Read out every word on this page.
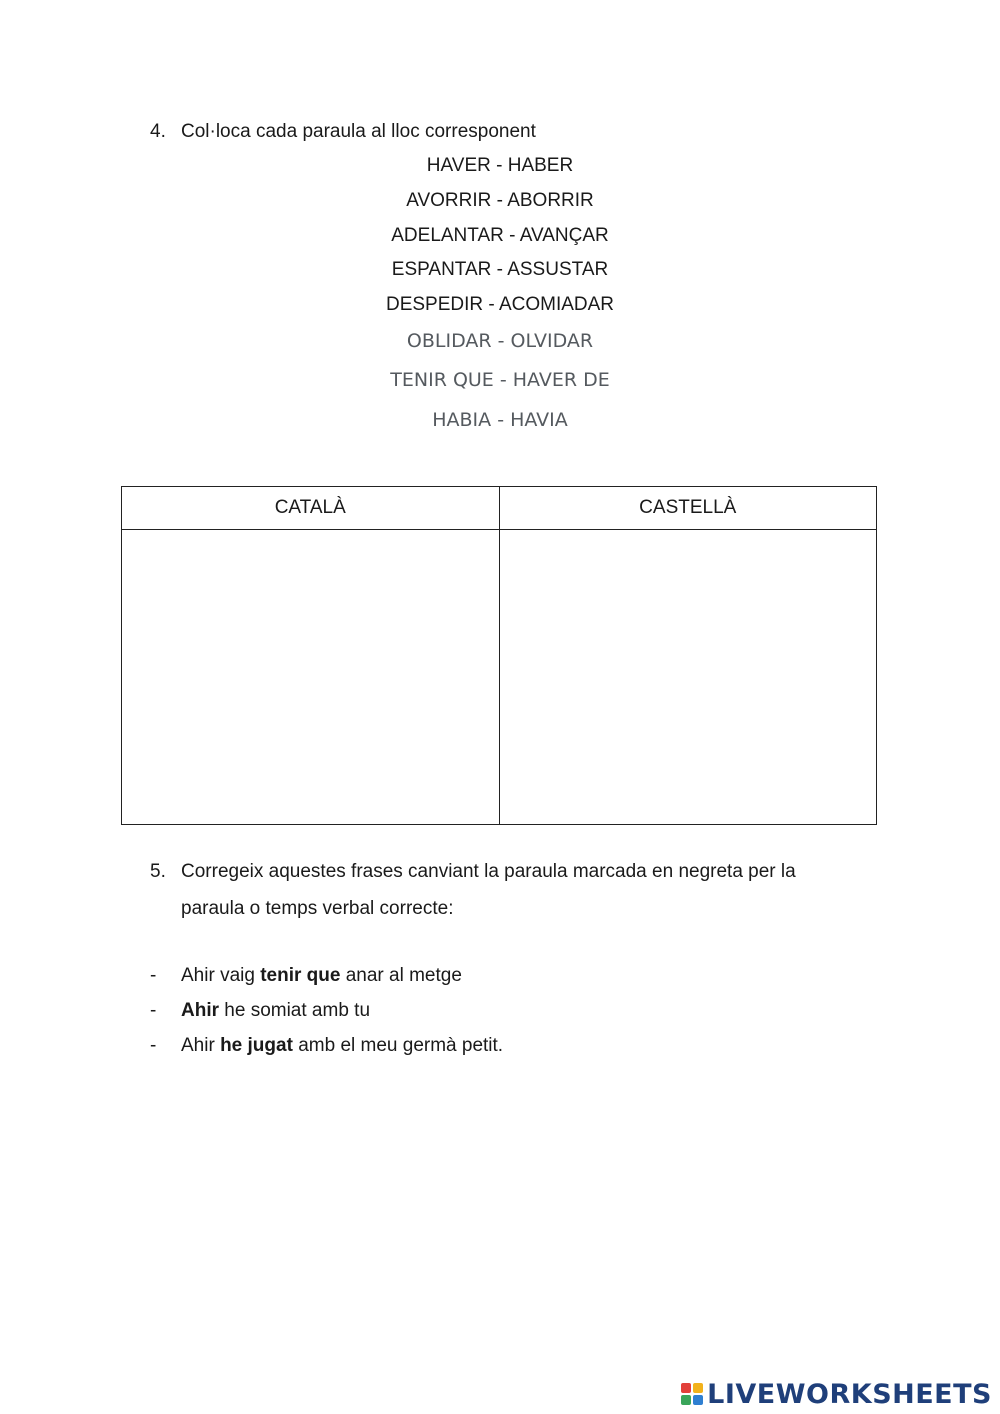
4. Col·loca cada paraula al lloc corresponent
HAVER - HABER
AVORRIR - ABORRIR
ADELANTAR - AVANÇAR
ESPANTAR - ASSUSTAR
DESPEDIR - ACOMIADAR
OBLIDAR - OLVIDAR
TENIR QUE - HAVER DE
HABIA - HAVIA
CATALÀ	CASTELLÀ

5. Corregeix aquestes frases canviant la paraula marcada en negreta per la
paraula o temps verbal correcte:
- Ahir vaig tenir que anar al metge
- Ahir he somiat amb tu
- Ahir he jugat amb el meu germà petit.
LIVEWORKSHEETS
